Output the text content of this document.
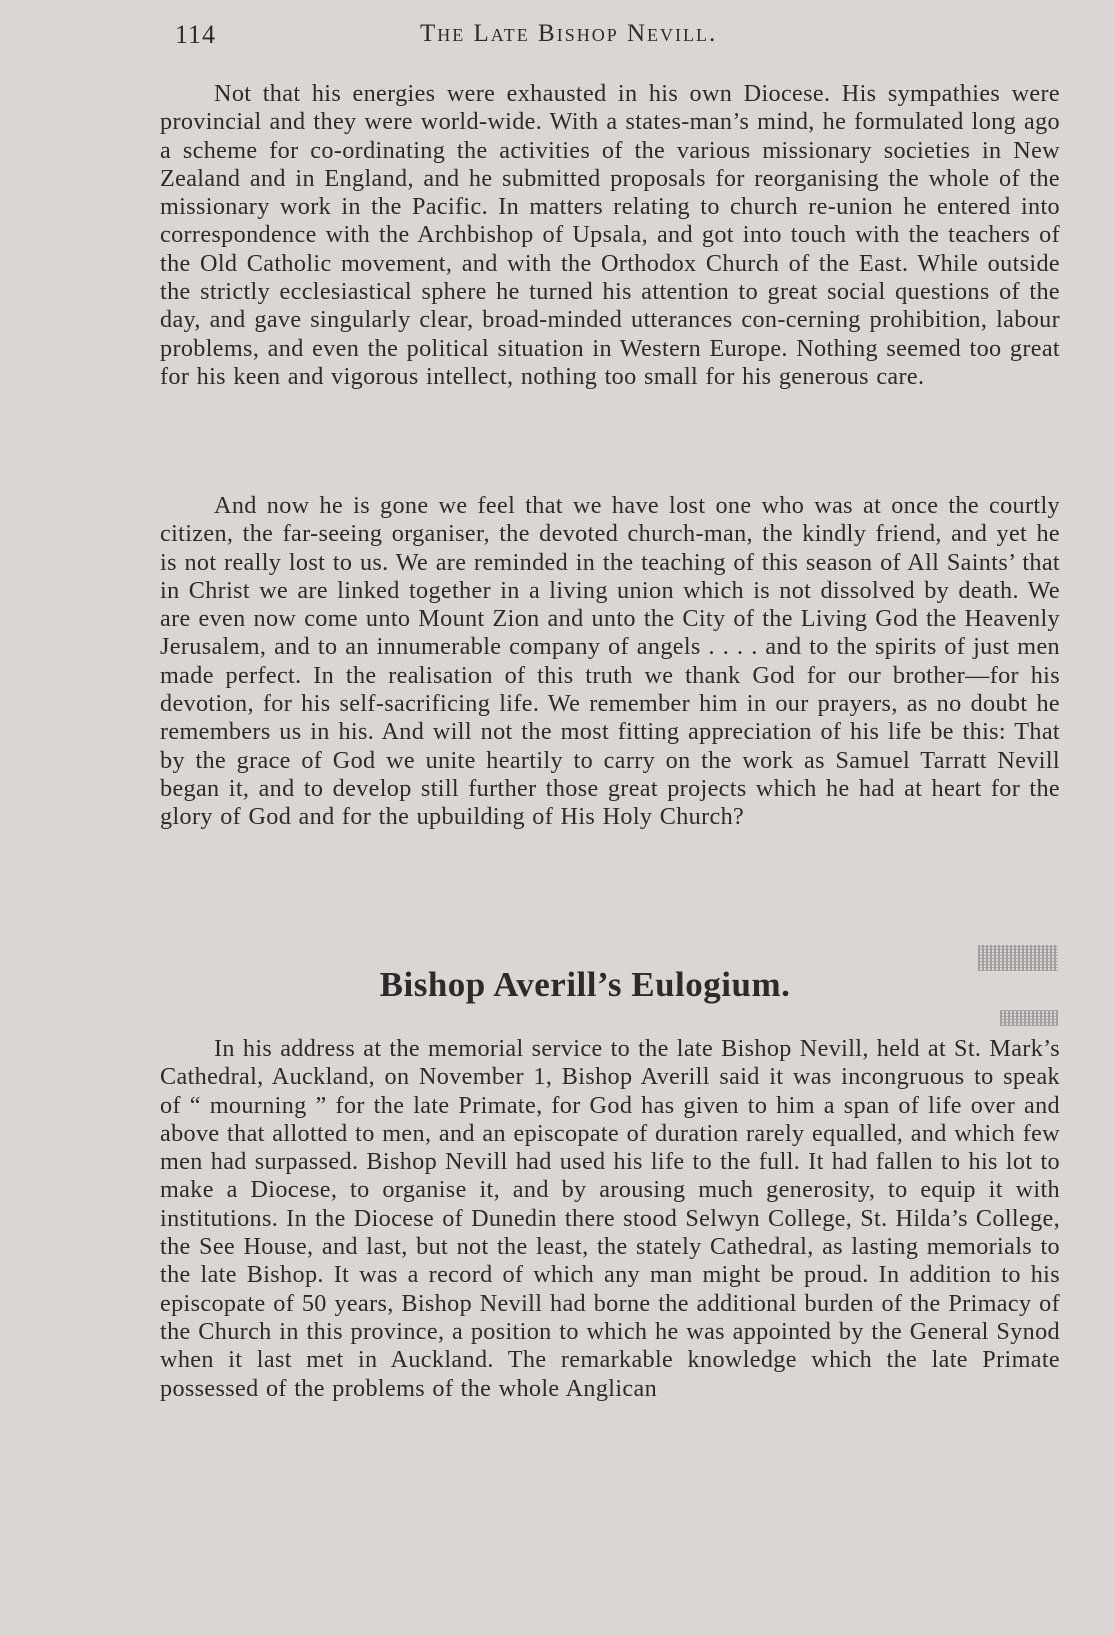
114	The Late Bishop Nevill.

Not that his energies were exhausted in his own Diocese. His sympathies were provincial and they were world-wide. With a states-man’s mind, he formulated long ago a scheme for co-ordinating the activities of the various missionary societies in New Zealand and in England, and he submitted proposals for reorganising the whole of the missionary work in the Pacific. In matters relating to church re-union he entered into correspondence with the Archbishop of Upsala, and got into touch with the teachers of the Old Catholic movement, and with the Orthodox Church of the East. While outside the strictly ecclesiastical sphere he turned his attention to great social questions of the day, and gave singularly clear, broad-minded utterances con-cerning prohibition, labour problems, and even the political situation in Western Europe. Nothing seemed too great for his keen and vigorous intellect, nothing too small for his generous care.

And now he is gone we feel that we have lost one who was at once the courtly citizen, the far-seeing organiser, the devoted church-man, the kindly friend, and yet he is not really lost to us. We are reminded in the teaching of this season of All Saints’ that in Christ we are linked together in a living union which is not dissolved by death. We are even now come unto Mount Zion and unto the City of the Living God the Heavenly Jerusalem, and to an innumerable company of angels . . . . and to the spirits of just men made perfect. In the realisation of this truth we thank God for our brother—for his devotion, for his self-sacrificing life. We remember him in our prayers, as no doubt he remembers us in his. And will not the most fitting appreciation of his life be this: That by the grace of God we unite heartily to carry on the work as Samuel Tarratt Nevill began it, and to develop still further those great projects which he had at heart for the glory of God and for the upbuilding of His Holy Church?

Bishop Averill’s Eulogium.

In his address at the memorial service to the late Bishop Nevill, held at St. Mark’s Cathedral, Auckland, on November 1, Bishop Averill said it was incongruous to speak of “ mourning ” for the late Primate, for God has given to him a span of life over and above that allotted to men, and an episcopate of duration rarely equalled, and which few men had surpassed. Bishop Nevill had used his life to the full. It had fallen to his lot to make a Diocese, to organise it, and by arousing much generosity, to equip it with institutions. In the Diocese of Dunedin there stood Selwyn College, St. Hilda’s College, the See House, and last, but not the least, the stately Cathedral, as lasting memorials to the late Bishop. It was a record of which any man might be proud. In addition to his episcopate of 50 years, Bishop Nevill had borne the additional burden of the Primacy of the Church in this province, a position to which he was appointed by the General Synod when it last met in Auckland. The remarkable knowledge which the late Primate possessed of the problems of the whole Anglican
